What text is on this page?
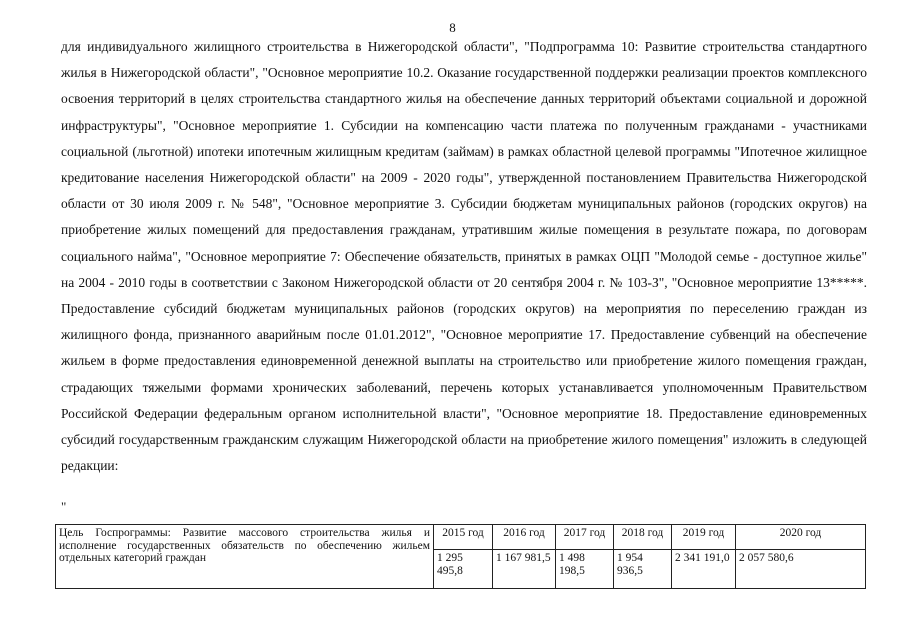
8

для индивидуального жилищного строительства в Нижегородской области", "Подпрограмма 10: Развитие строительства стандартного жилья в Нижегородской области", "Основное мероприятие 10.2. Оказание государственной поддержки реализации проектов комплексного освоения территорий в целях строительства стандартного жилья на обеспечение данных территорий объектами социальной и дорожной инфраструктуры", "Основное мероприятие 1. Субсидии на компенсацию части платежа по полученным гражданами - участниками социальной (льготной) ипотеки ипотечным жилищным кредитам (займам) в рамках областной целевой программы "Ипотечное жилищное кредитование населения Нижегородской области" на 2009 - 2020 годы", утвержденной постановлением Правительства Нижегородской области от 30 июля 2009 г. № 548", "Основное мероприятие 3. Субсидии бюджетам муниципальных районов (городских округов) на приобретение жилых помещений для предоставления гражданам, утратившим жилые помещения в результате пожара, по договорам социального найма", "Основное мероприятие 7: Обеспечение обязательств, принятых в рамках ОЦП "Молодой семье - доступное жилье" на 2004 - 2010 годы в соответствии с Законом Нижегородской области от 20 сентября 2004 г. № 103-З", "Основное мероприятие 13*****. Предоставление субсидий бюджетам муниципальных районов (городских округов) на мероприятия по переселению граждан из жилищного фонда, признанного аварийным после 01.01.2012", "Основное мероприятие 17. Предоставление субвенций на обеспечение жильем в форме предоставления единовременной денежной выплаты на строительство или приобретение жилого помещения граждан, страдающих тяжелыми формами хронических заболеваний, перечень которых устанавливается уполномоченным Правительством Российской Федерации федеральным органом исполнительной власти", "Основное мероприятие 18. Предоставление единовременных субсидий государственным гражданским служащим Нижегородской области на приобретение жилого помещения" изложить в следующей редакции:

"
Цель Госпрограммы: Развитие массового строительства жилья и исполнение государственных обязательств по обеспечению жильем отдельных категорий граждан	2015 год	2016 год	2017 год	2018 год	2019 год	2020 год
	1 295 495,8	1 167 981,5	1 498 198,5	1 954 936,5	2 341 191,0	2 057 580,6
